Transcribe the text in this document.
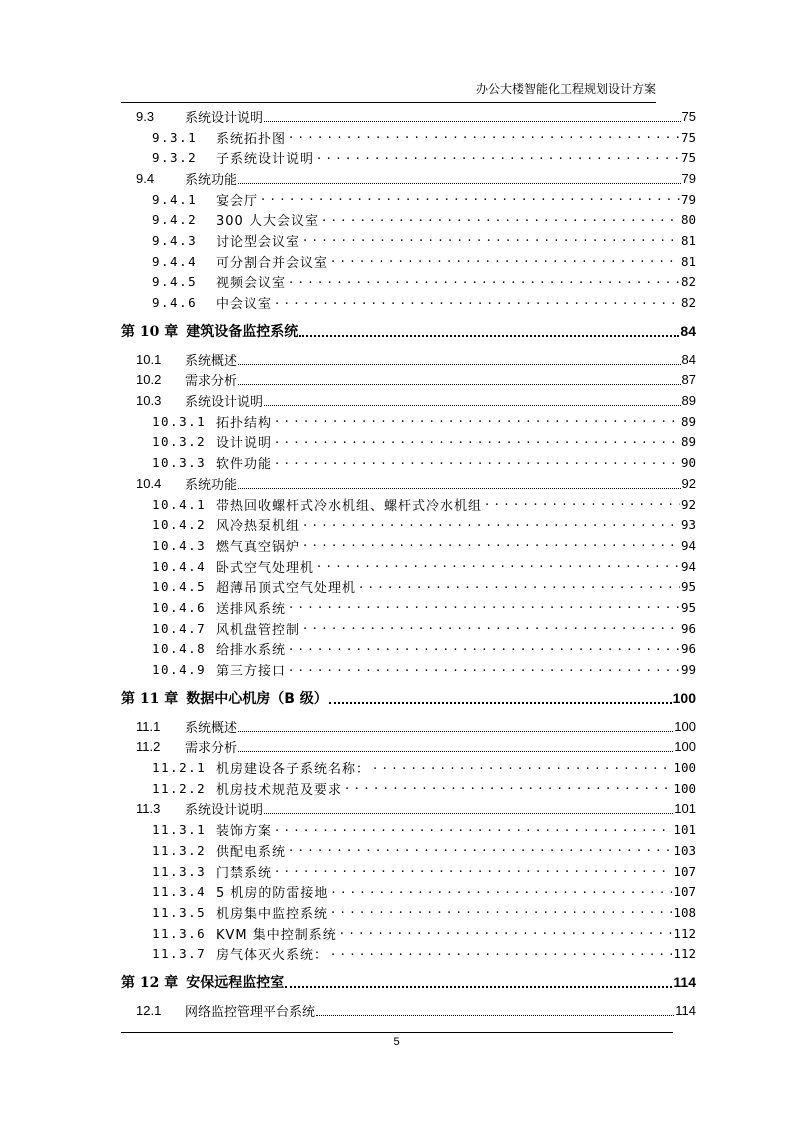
办公大楼智能化工程规划设计方案
9.3	系统设计说明	75
9.3.1	系统拓扑图 . . .	75
9.3.2	子系统设计说明 . . .	75
9.4	系统功能	79
9.4.1	宴会厅 . . .	79
9.4.2	300 人大会议室 . . .	80
9.4.3	讨论型会议室 . . .	81
9.4.4	可分割合并会议室 . . .	81
9.4.5	视频会议室 . . .	82
9.4.6	中会议室 . . .	82
第 10 章 建筑设备监控系统	84
10.1	系统概述	84
10.2	需求分析	87
10.3	系统设计说明	89
10.3.1 拓扑结构 . . .	89
10.3.2 设计说明 . . .	89
10.3.3 软件功能 . . .	90
10.4	系统功能	92
10.4.1 带热回收螺杆式冷水机组、螺杆式冷水机组 . . .	92
10.4.2 风冷热泵机组 . . .	93
10.4.3 燃气真空锅炉 . . .	94
10.4.4 卧式空气处理机 . . .	94
10.4.5 超薄吊顶式空气处理机 . . .	95
10.4.6 送排风系统 . . .	95
10.4.7 风机盘管控制 . . .	96
10.4.8 给排水系统 . . .	96
10.4.9 第三方接口 . . .	99
第 11 章 数据中心机房（B 级）	100
11.1	系统概述	100
11.2	需求分析	100
11.2.1 机房建设各子系统名称： . . .	100
11.2.2 机房技术规范及要求 . . .	100
11.3	系统设计说明	101
11.3.1 装饰方案 . . .	101
11.3.2 供配电系统 . . .	103
11.3.3 门禁系统 . . .	107
11.3.4 5 机房的防雷接地 . . .	107
11.3.5 机房集中监控系统 . . .	108
11.3.6 KVM 集中控制系统 . . .	112
11.3.7 房气体灭火系统： . . .	112
第 12 章 安保远程监控室	114
12.1	网络监控管理平台系统	114
5
